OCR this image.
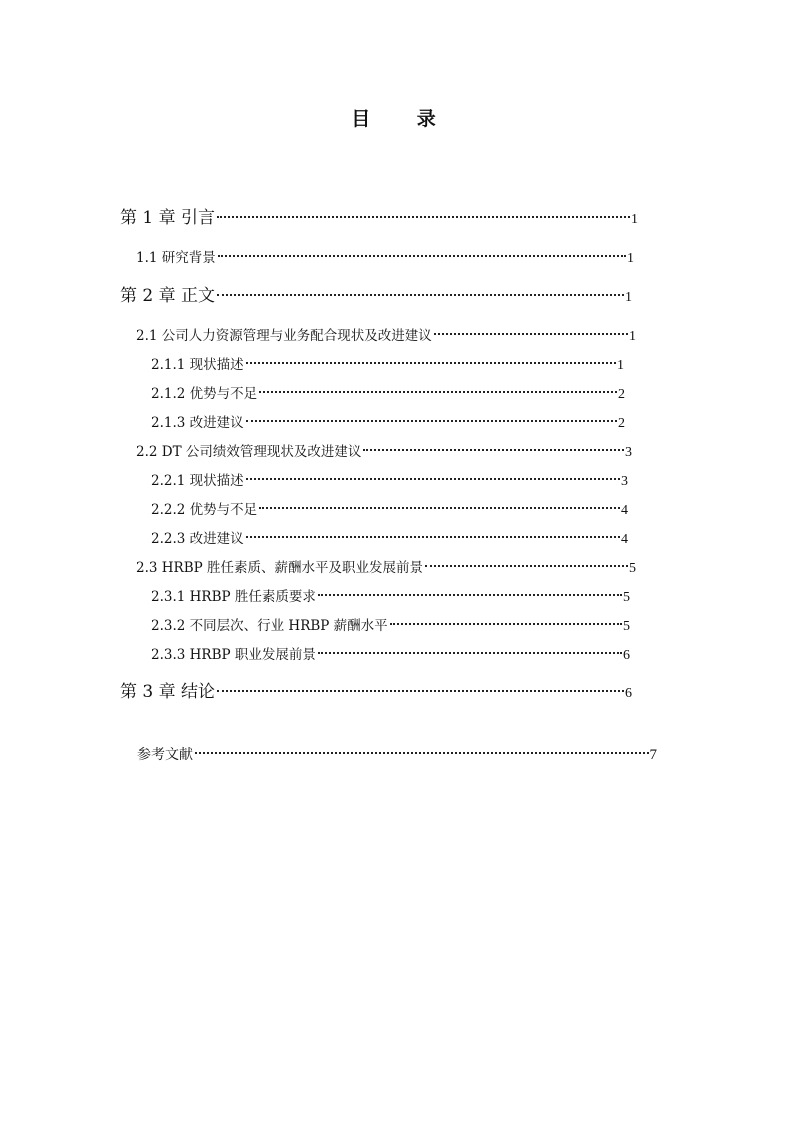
目 录
第 1 章 引言	1
1.1 研究背景	1
第 2 章 正文	1
2.1 公司人力资源管理与业务配合现状及改进建议	1
2.1.1 现状描述	1
2.1.2 优势与不足	2
2.1.3 改进建议	2
2.2 DT 公司绩效管理现状及改进建议	3
2.2.1 现状描述	3
2.2.2 优势与不足	4
2.2.3 改进建议	4
2.3 HRBP 胜任素质、薪酬水平及职业发展前景	5
2.3.1 HRBP 胜任素质要求	5
2.3.2 不同层次、行业 HRBP 薪酬水平	5
2.3.3 HRBP 职业发展前景	6
第 3 章 结论	6
参考文献	7
